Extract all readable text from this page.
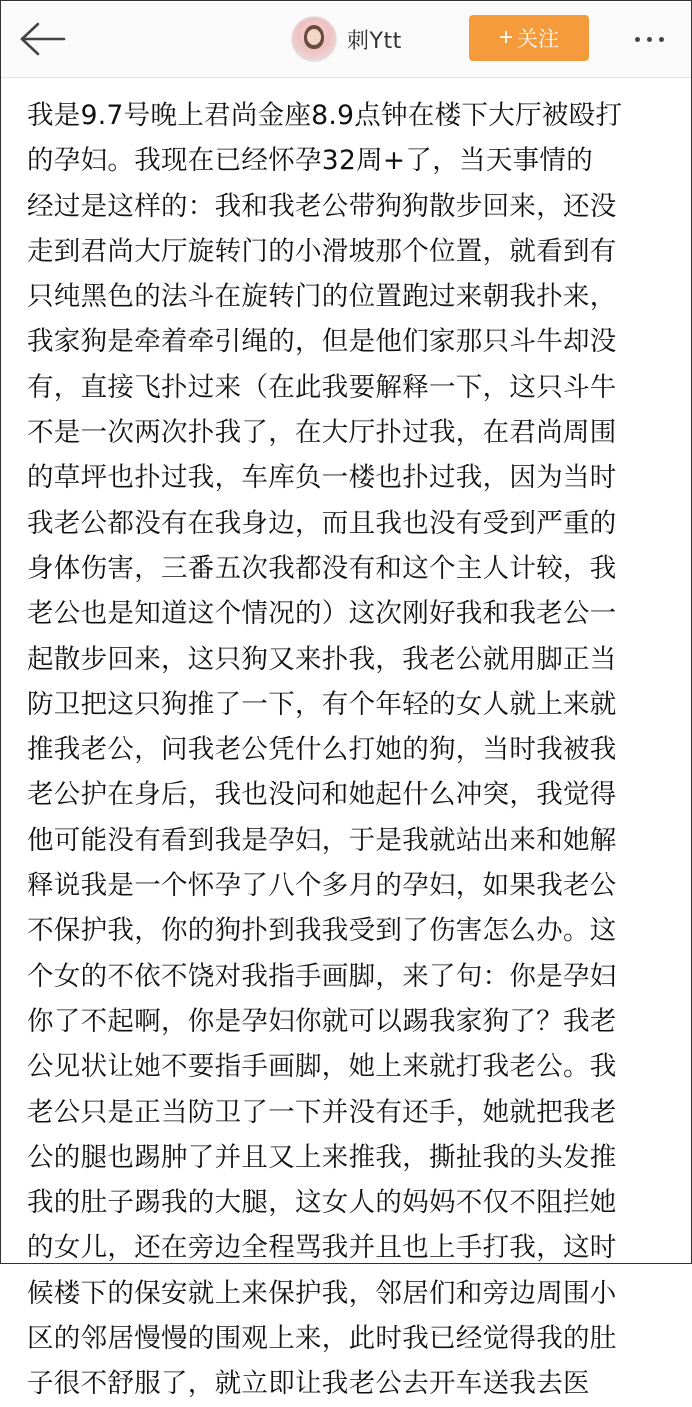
刺Ytt	+ 关注
我是9.7号晚上君尚金座8.9点钟在楼下大厅被殴打
的孕妇。我现在已经怀孕32周+了，当天事情的
经过是这样的：我和我老公带狗狗散步回来，还没
走到君尚大厅旋转门的小滑坡那个位置，就看到有
只纯黑色的法斗在旋转门的位置跑过来朝我扑来，
我家狗是牵着牵引绳的，但是他们家那只斗牛却没
有，直接飞扑过来（在此我要解释一下，这只斗牛
不是一次两次扑我了，在大厅扑过我，在君尚周围
的草坪也扑过我，车库负一楼也扑过我，因为当时
我老公都没有在我身边，而且我也没有受到严重的
身体伤害，三番五次我都没有和这个主人计较，我
老公也是知道这个情况的）这次刚好我和我老公一
起散步回来，这只狗又来扑我，我老公就用脚正当
防卫把这只狗推了一下，有个年轻的女人就上来就
推我老公，问我老公凭什么打她的狗，当时我被我
老公护在身后，我也没问和她起什么冲突，我觉得
他可能没有看到我是孕妇，于是我就站出来和她解
释说我是一个怀孕了八个多月的孕妇，如果我老公
不保护我，你的狗扑到我我受到了伤害怎么办。这
个女的不依不饶对我指手画脚，来了句：你是孕妇
你了不起啊，你是孕妇你就可以踢我家狗了？我老
公见状让她不要指手画脚，她上来就打我老公。我
老公只是正当防卫了一下并没有还手，她就把我老
公的腿也踢肿了并且又上来推我，撕扯我的头发推
我的肚子踢我的大腿，这女人的妈妈不仅不阻拦她
的女儿，还在旁边全程骂我并且也上手打我，这时
候楼下的保安就上来保护我，邻居们和旁边周围小
区的邻居慢慢的围观上来，此时我已经觉得我的肚
子很不舒服了，就立即让我老公去开车送我去医
